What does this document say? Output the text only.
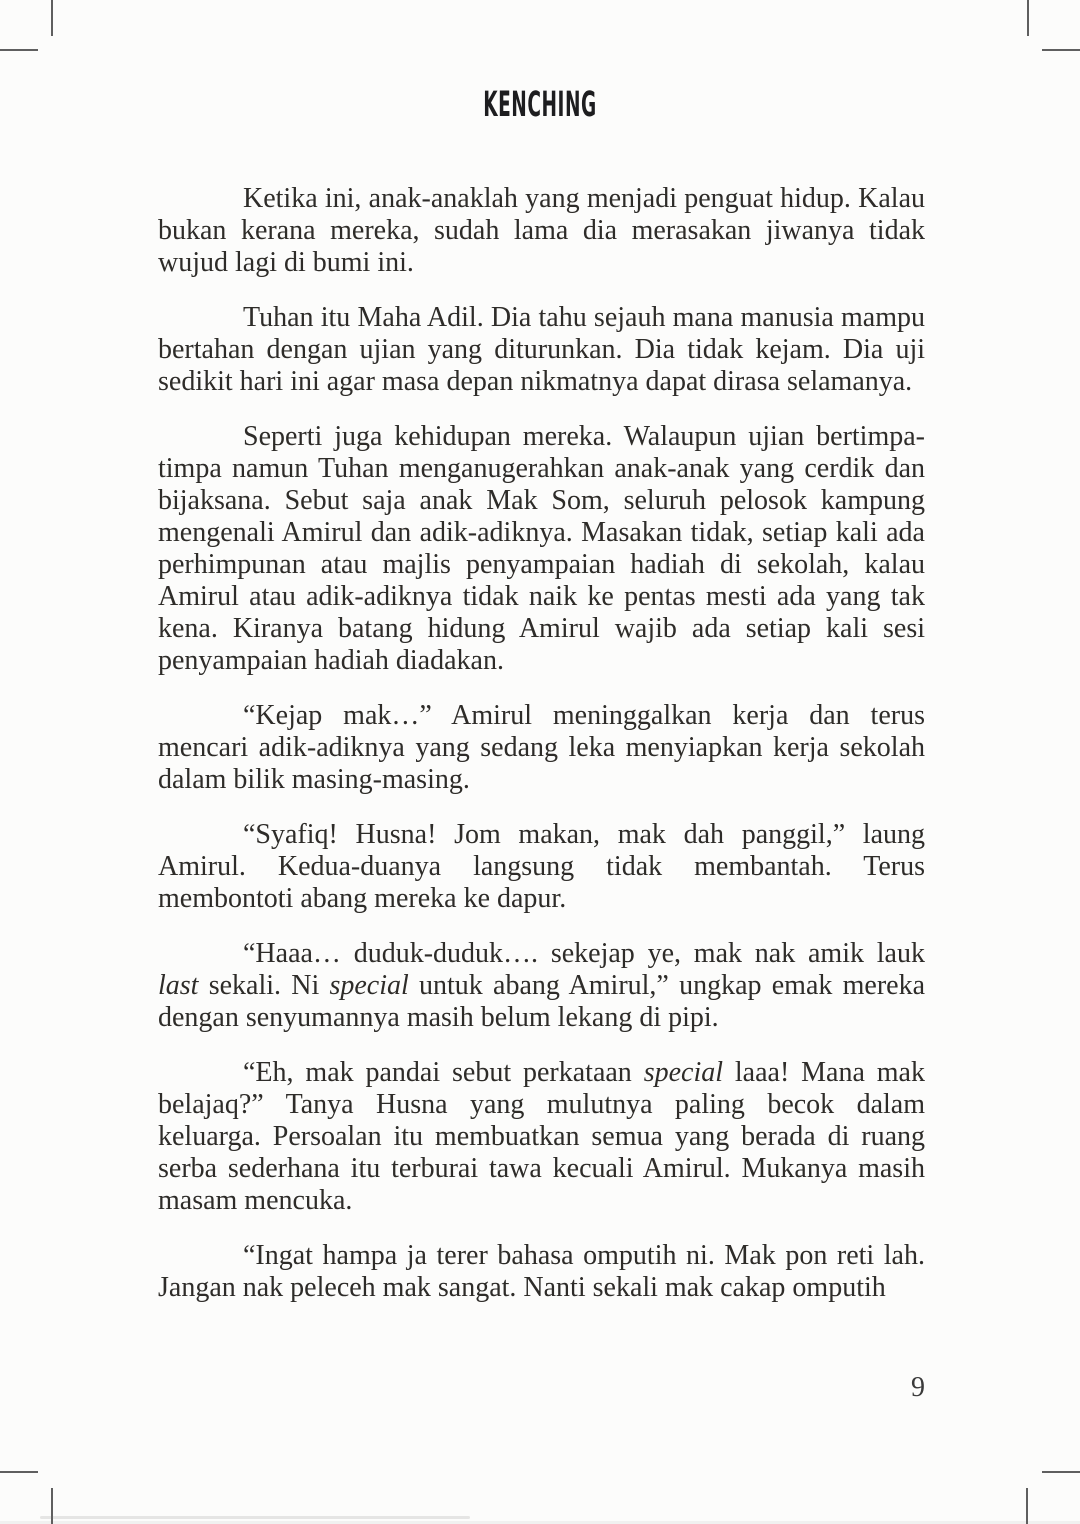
KENCHING

Ketika ini, anak-anaklah yang menjadi penguat hidup. Kalau bukan kerana mereka, sudah lama dia merasakan jiwanya tidak wujud lagi di bumi ini.

Tuhan itu Maha Adil. Dia tahu sejauh mana manusia mampu bertahan dengan ujian yang diturunkan. Dia tidak kejam. Dia uji sedikit hari ini agar masa depan nikmatnya dapat dirasa selamanya.

Seperti juga kehidupan mereka. Walaupun ujian bertimpa-timpa namun Tuhan menganugerahkan anak-anak yang cerdik dan bijaksana. Sebut saja anak Mak Som, seluruh pelosok kampung mengenali Amirul dan adik-adiknya. Masakan tidak, setiap kali ada perhimpunan atau majlis penyampaian hadiah di sekolah, kalau Amirul atau adik-adiknya tidak naik ke pentas mesti ada yang tak kena. Kiranya batang hidung Amirul wajib ada setiap kali sesi penyampaian hadiah diadakan.

“Kejap mak…” Amirul meninggalkan kerja dan terus mencari adik-adiknya yang sedang leka menyiapkan kerja sekolah dalam bilik masing-masing.

“Syafiq! Husna! Jom makan, mak dah panggil,” laung Amirul. Kedua-duanya langsung tidak membantah. Terus membontoti abang mereka ke dapur.

“Haaa… duduk-duduk…. sekejap ye, mak nak amik lauk last sekali. Ni special untuk abang Amirul,” ungkap emak mereka dengan senyumannya masih belum lekang di pipi.

“Eh, mak pandai sebut perkataan special laaa! Mana mak belajaq?” Tanya Husna yang mulutnya paling becok dalam keluarga. Persoalan itu membuatkan semua yang berada di ruang serba sederhana itu terburai tawa kecuali Amirul. Mukanya masih masam mencuka.

“Ingat hampa ja terer bahasa omputih ni. Mak pon reti lah. Jangan nak peleceh mak sangat. Nanti sekali mak cakap omputih

9
